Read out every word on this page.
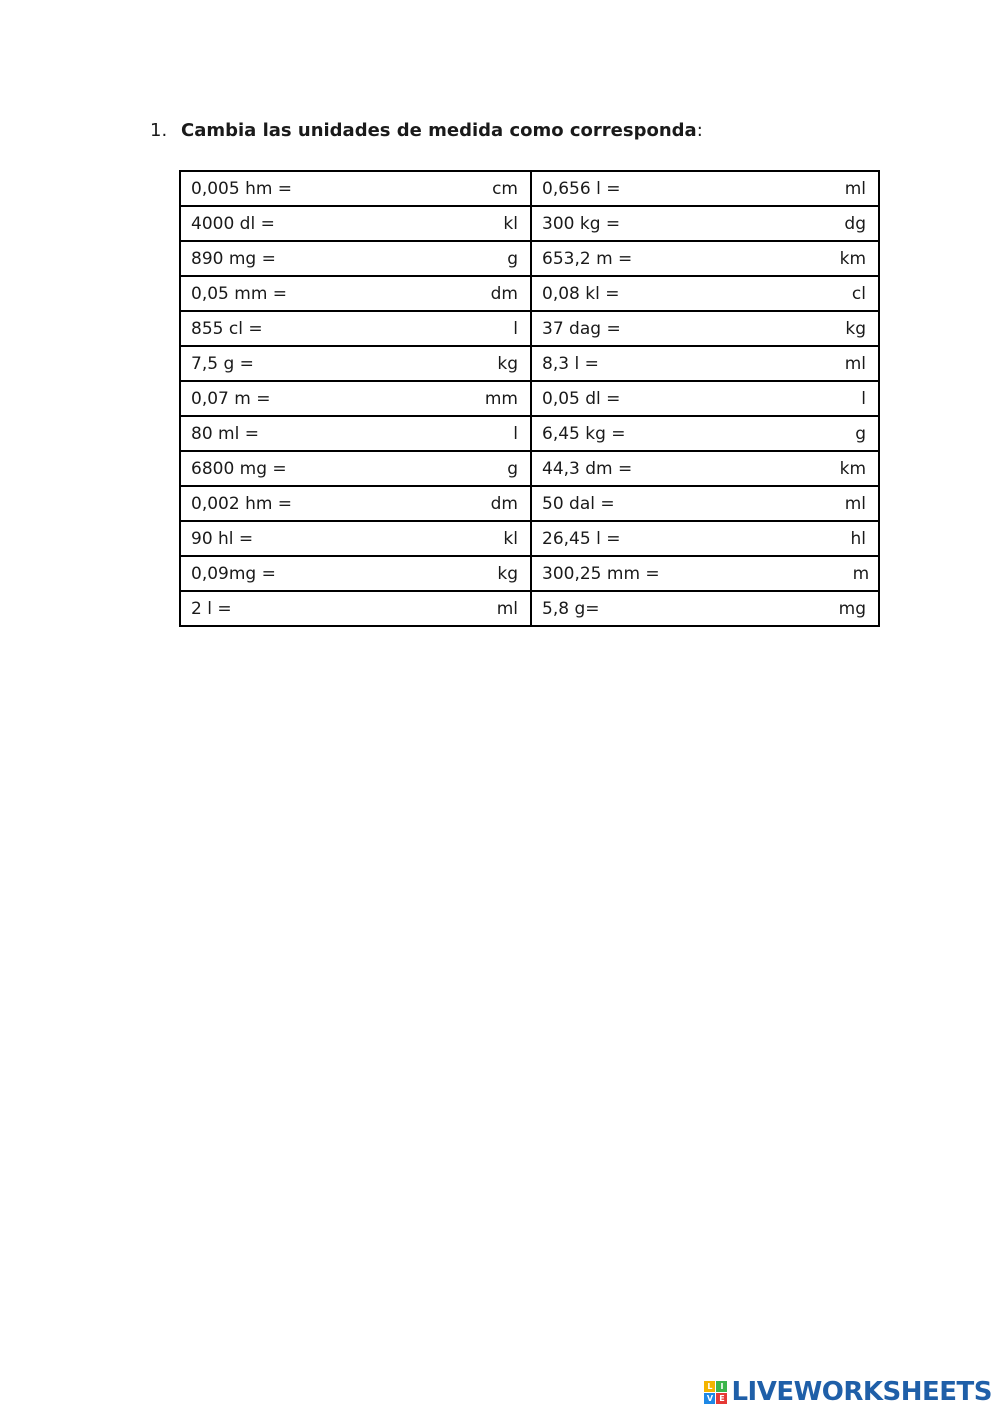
1. Cambia las unidades de medida como corresponda:
0,005 hm = cm	0,656 l = ml

4000 dl = kl	300 kg = dg

890 mg = g	653,2 m = km

0,05 mm = dm	0,08 kl = cl

855 cl = l	37 dag = kg

7,5 g = kg	8,3 l = ml

0,07 m = mm	0,05 dl = l

80 ml = l	6,45 kg = g

6800 mg = g	44,3 dm = km

0,002 hm = dm	50 dal = ml

90 hl = kl	26,45 l = hl

0,09mg = kg	300,25 mm = m

2 l = ml	5,8 g= mg
L I
V E LIVEWORKSHEETS
